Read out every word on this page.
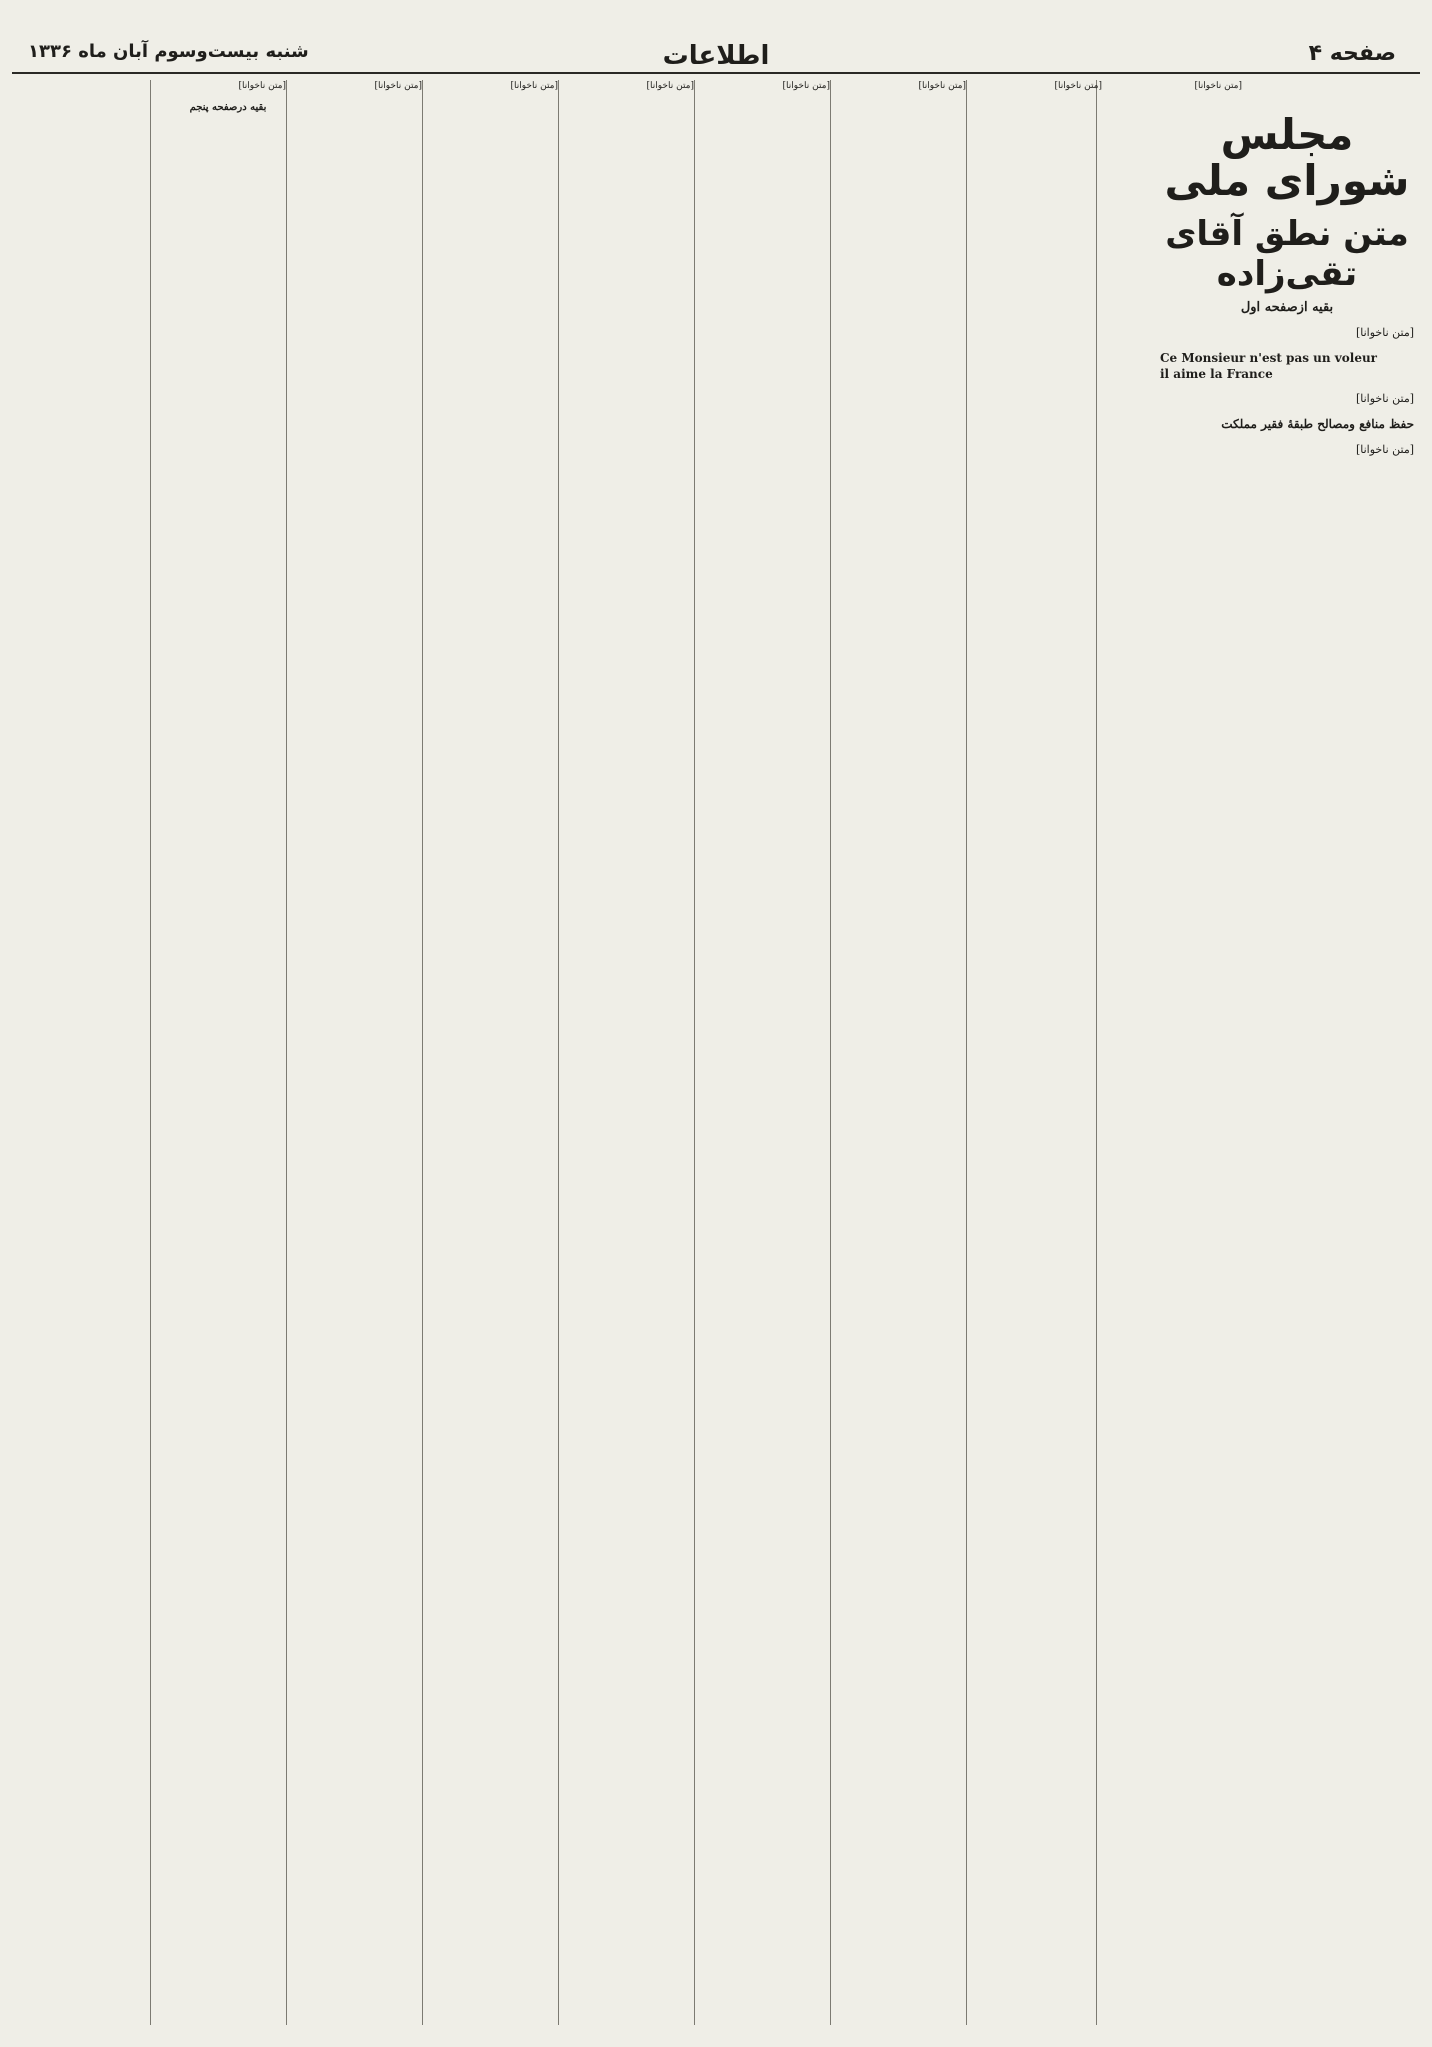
صفحه ۴
اطلاعات
شنبه بیست‌وسوم آبان ماه ۱۳۳۶
مجلس شورای ملی
متن نطق آقای تقی‌زاده
بقیه ازصفحه اول

[متن ناخوانا]

Ce Monsieur n'est pas un voleur
il aime la France

[متن ناخوانا]

حفظ منافع ومصالح طبقهٔ فقیر مملکت

[متن ناخوانا]

[متن ناخوانا]
[متن ناخوانا]
[متن ناخوانا]
[متن ناخوانا]
[متن ناخوانا]
[متن ناخوانا]
[متن ناخوانا]
[متن ناخوانا]
بقیه درصفحه پنجم
